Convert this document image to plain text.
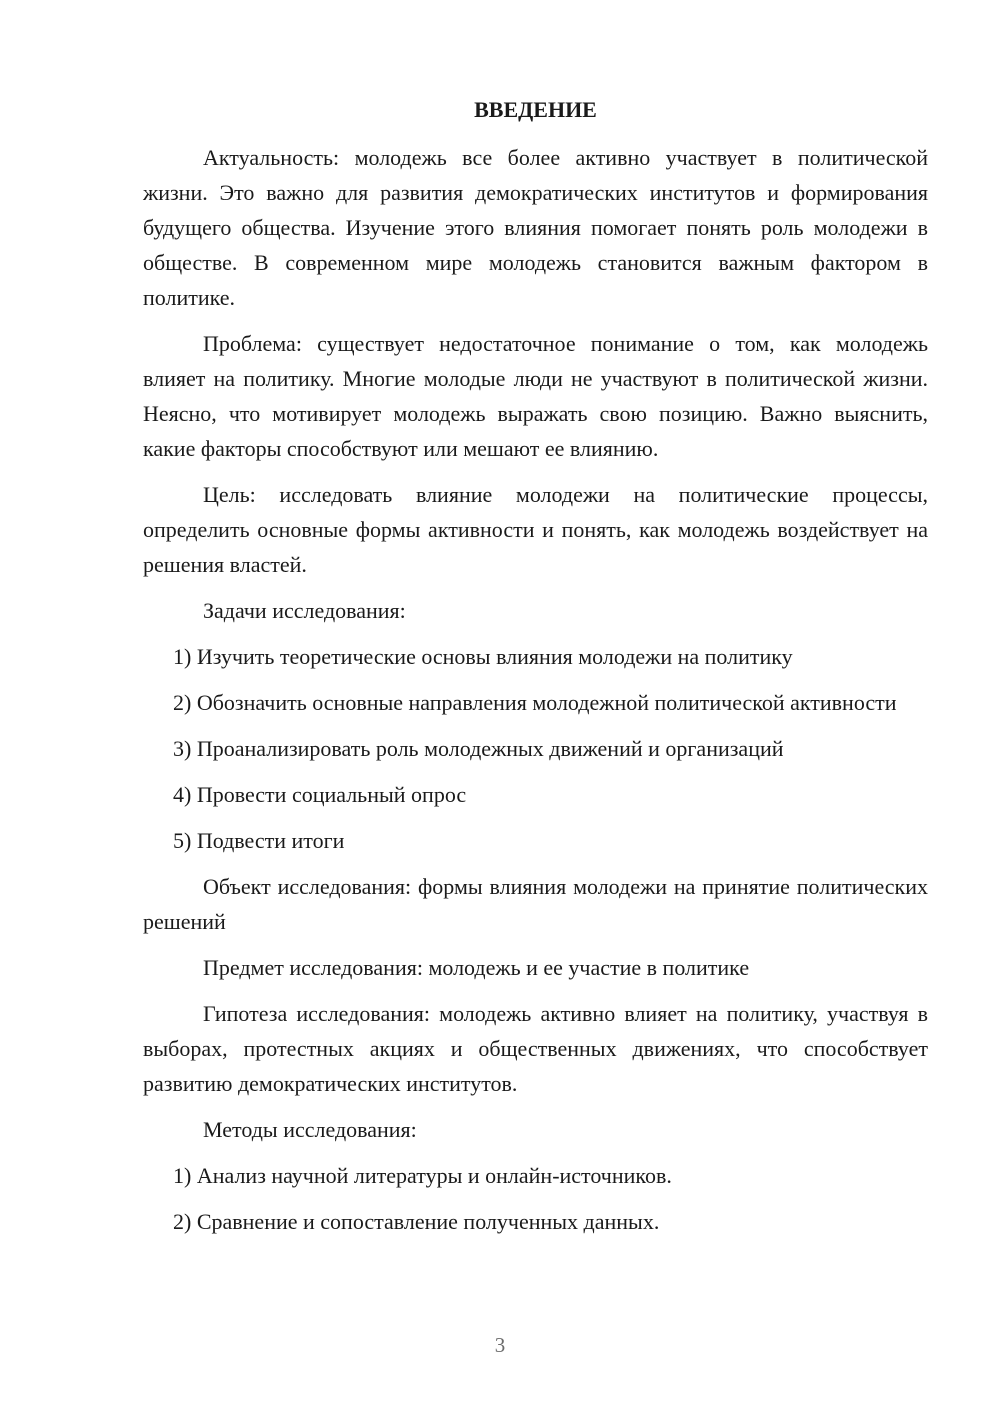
ВВЕДЕНИЕ

Актуальность: молодежь все более активно участвует в политической жизни. Это важно для развития демократических институтов и формирования будущего общества. Изучение этого влияния помогает понять роль молодежи в обществе. В современном мире молодежь становится важным фактором в политике.

Проблема: существует недостаточное понимание о том, как молодежь влияет на политику. Многие молодые люди не участвуют в политической жизни. Неясно, что мотивирует молодежь выражать свою позицию. Важно выяснить, какие факторы способствуют или мешают ее влиянию.

Цель: исследовать влияние молодежи на политические процессы, определить основные формы активности и понять, как молодежь воздействует на решения властей.

Задачи исследования:

1) Изучить теоретические основы влияния молодежи на политику

2) Обозначить основные направления молодежной политической активности

3) Проанализировать роль молодежных движений и организаций

4) Провести социальный опрос

5) Подвести итоги

Объект исследования: формы влияния молодежи на принятие политических решений

Предмет исследования: молодежь и ее участие в политике

Гипотеза исследования: молодежь активно влияет на политику, участвуя в выборах, протестных акциях и общественных движениях, что способствует развитию демократических институтов.

Методы исследования:

1) Анализ научной литературы и онлайн-источников.

2) Сравнение и сопоставление полученных данных.

3
